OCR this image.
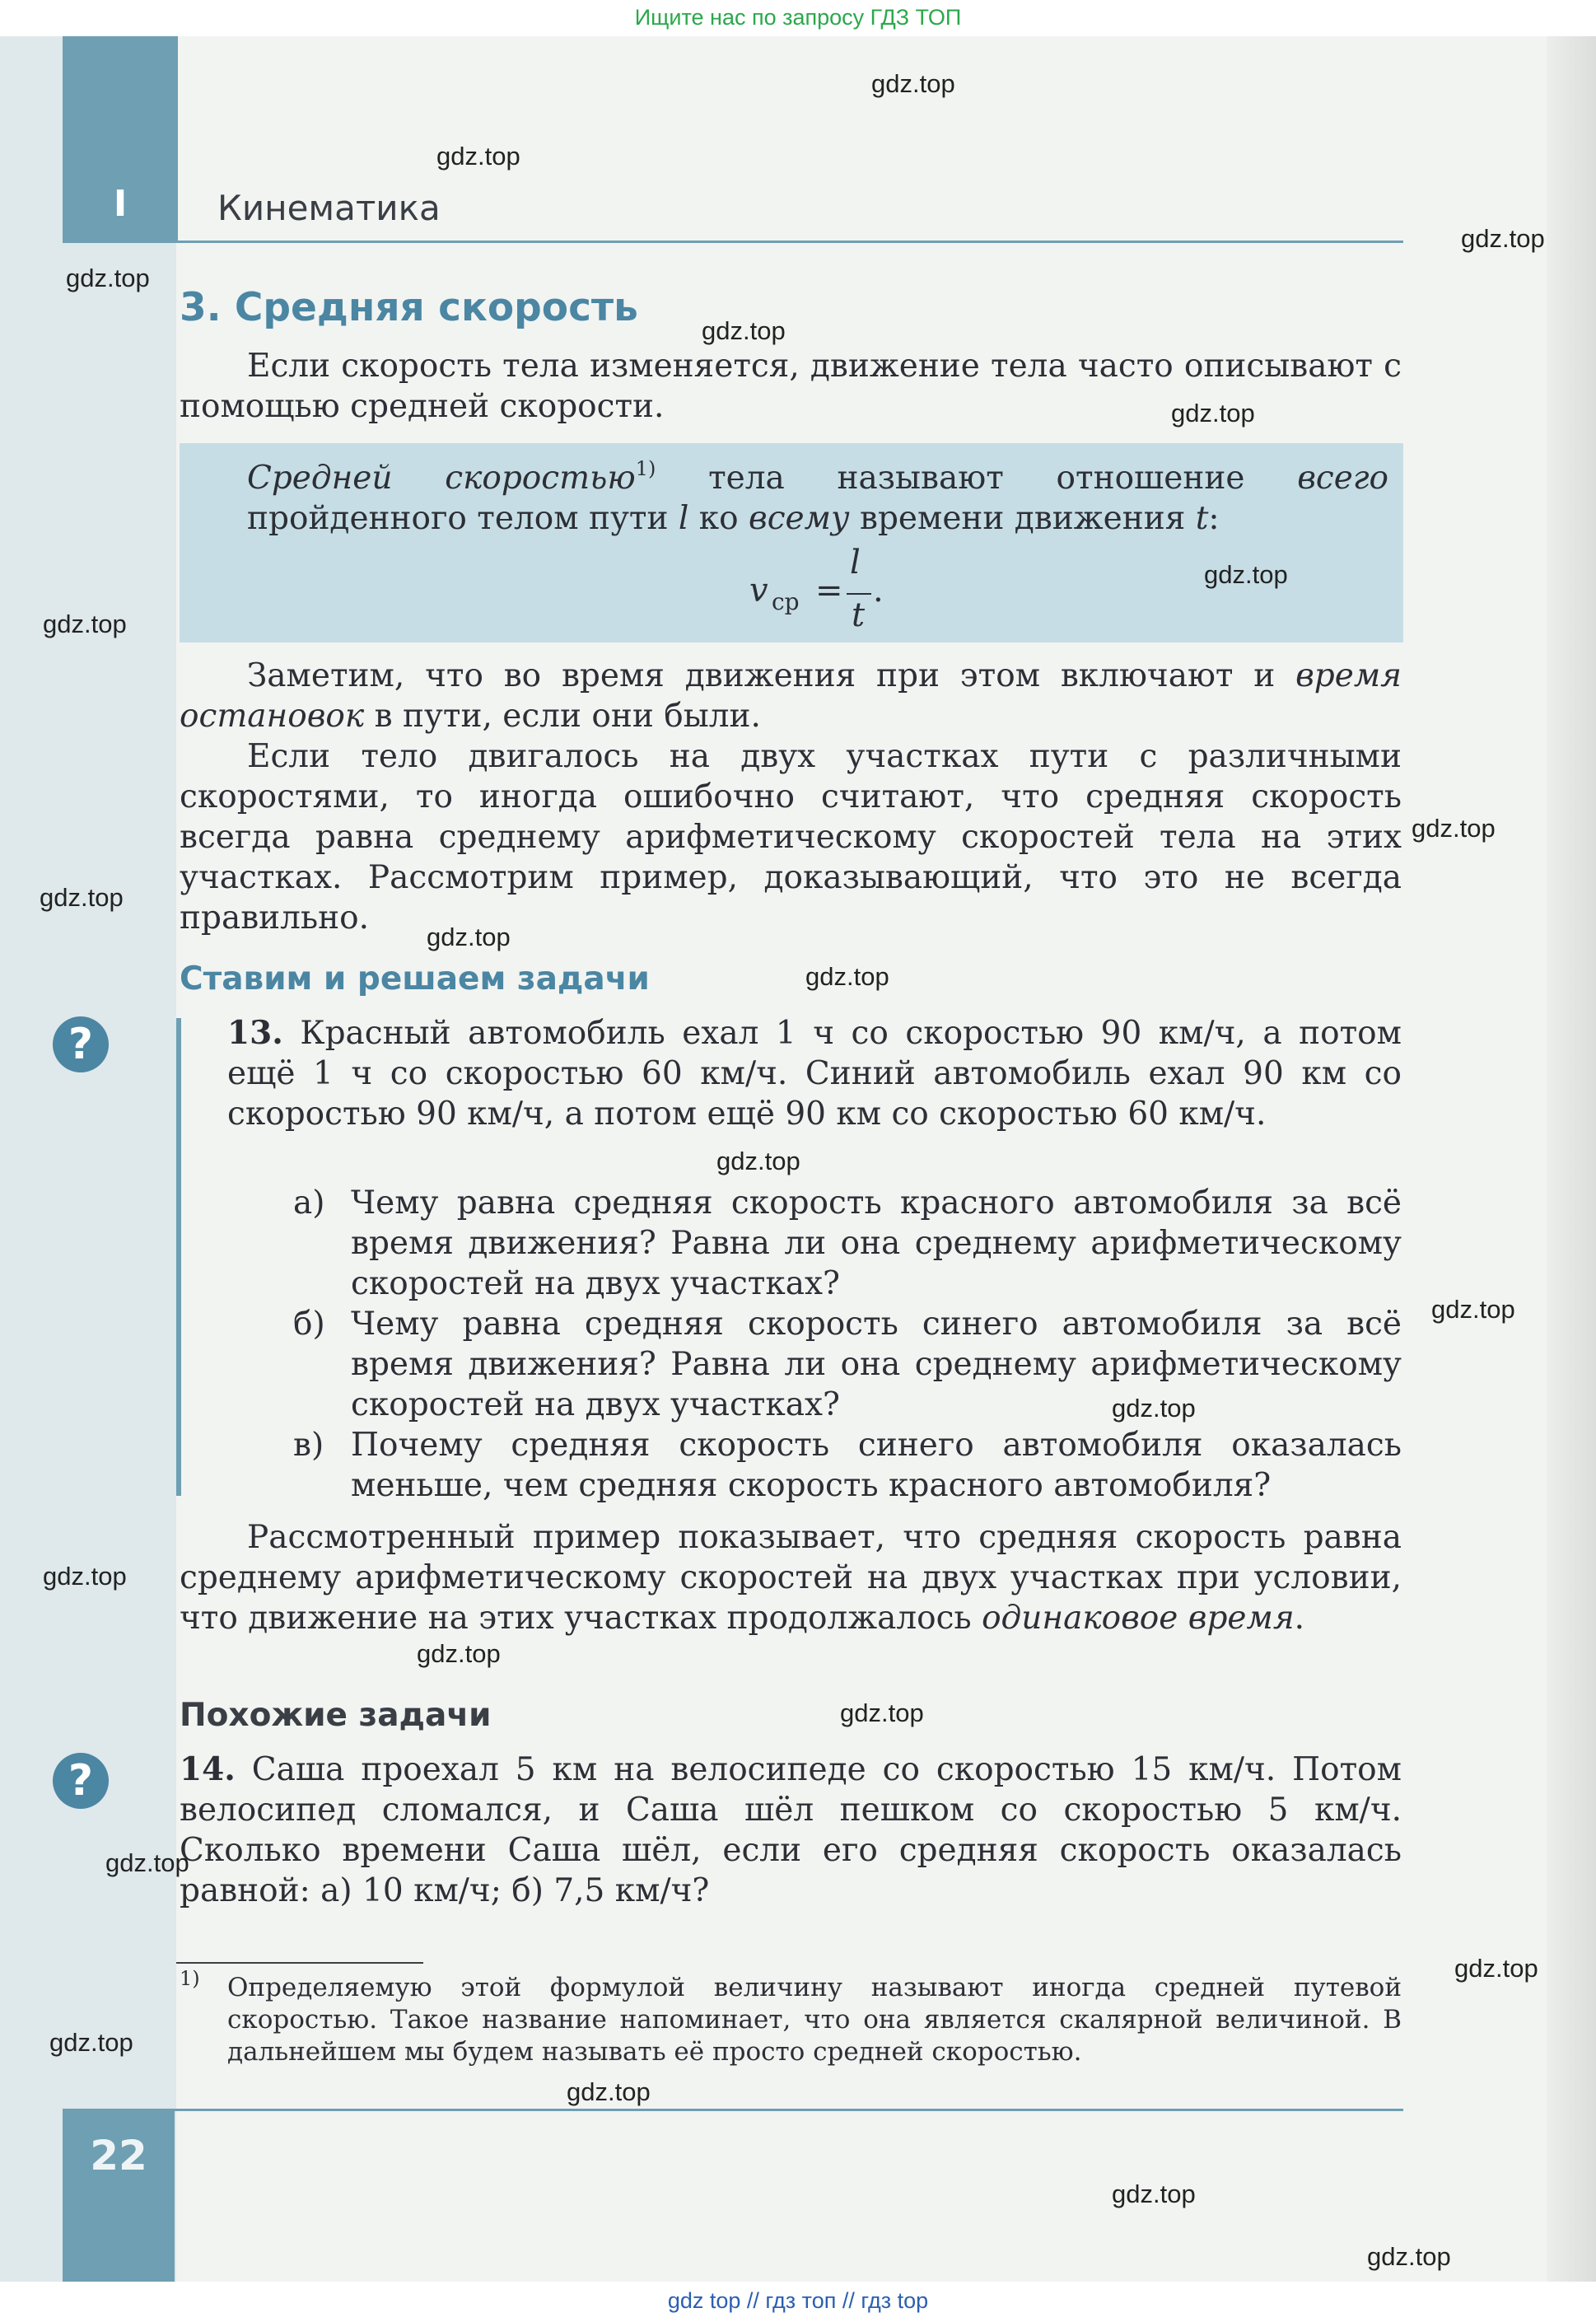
Ищите нас по запросу ГДЗ ТОП
I	Кинематика
3. Средняя скорость

Если скорость тела изменяется, движение тела часто описывают с помощью средней скорости.

Средней скоростью$^{1)}$ тела называют отношение всего пройденного телом пути l ко всему времени движения t:

v ср =
l
t
.

Заметим, что во время движения при этом включают и время остановок в пути, если они были.

Если тело двигалось на двух участках пути с различными скоростями, то иногда ошибочно считают, что средняя скорость всегда равна среднему арифметическому скоростей тела на этих участках. Рассмотрим пример, доказывающий, что это не всегда правильно.

Ставим и решаем задачи
?	13. Красный автомобиль ехал 1 ч со скоростью 90 км/ч, а потом ещё 1 ч со скоростью 60 км/ч. Синий автомобиль ехал 90 км со скоростью 90 км/ч, а потом ещё 90 км со скоростью 60 км/ч.

а) Чему равна средняя скорость красного автомобиля за всё время движения? Равна ли она среднему арифметическому скоростей на двух участках?

б) Чему равна средняя скорость синего автомобиля за всё время движения? Равна ли она среднему арифметическому скоростей на двух участках?

в) Почему средняя скорость синего автомобиля оказалась меньше, чем средняя скорость красного автомобиля?

Рассмотренный пример показывает, что средняя скорость равна среднему арифметическому скоростей на двух участках при условии, что движение на этих участках продолжалось одинаковое время.

Похожие задачи
?	14. Саша проехал 5 км на велосипеде со скоростью 15 км/ч. Потом велосипед сломался, и Саша шёл пешком со скоростью 5 км/ч. Сколько времени Саша шёл, если его средняя скорость оказалась равной: а) 10 км/ч; б) 7,5 км/ч?

1) Определяемую этой формулой величину называют иногда средней путевой скоростью. Такое название напоминает, что она является скалярной величиной. В дальнейшем мы будем называть её просто средней скоростью.

22
gdz top // гдз топ // гдз top
gdz.top
gdz.top
gdz.top
gdz.top
gdz.top
gdz.top
gdz.top
gdz.top
gdz.top
gdz.top
gdz.top
gdz.top
gdz.top
gdz.top
gdz.top
gdz.top
gdz.top
gdz.top
gdz.top
gdz.top
gdz.top
gdz.top
gdz.top
gdz.top
